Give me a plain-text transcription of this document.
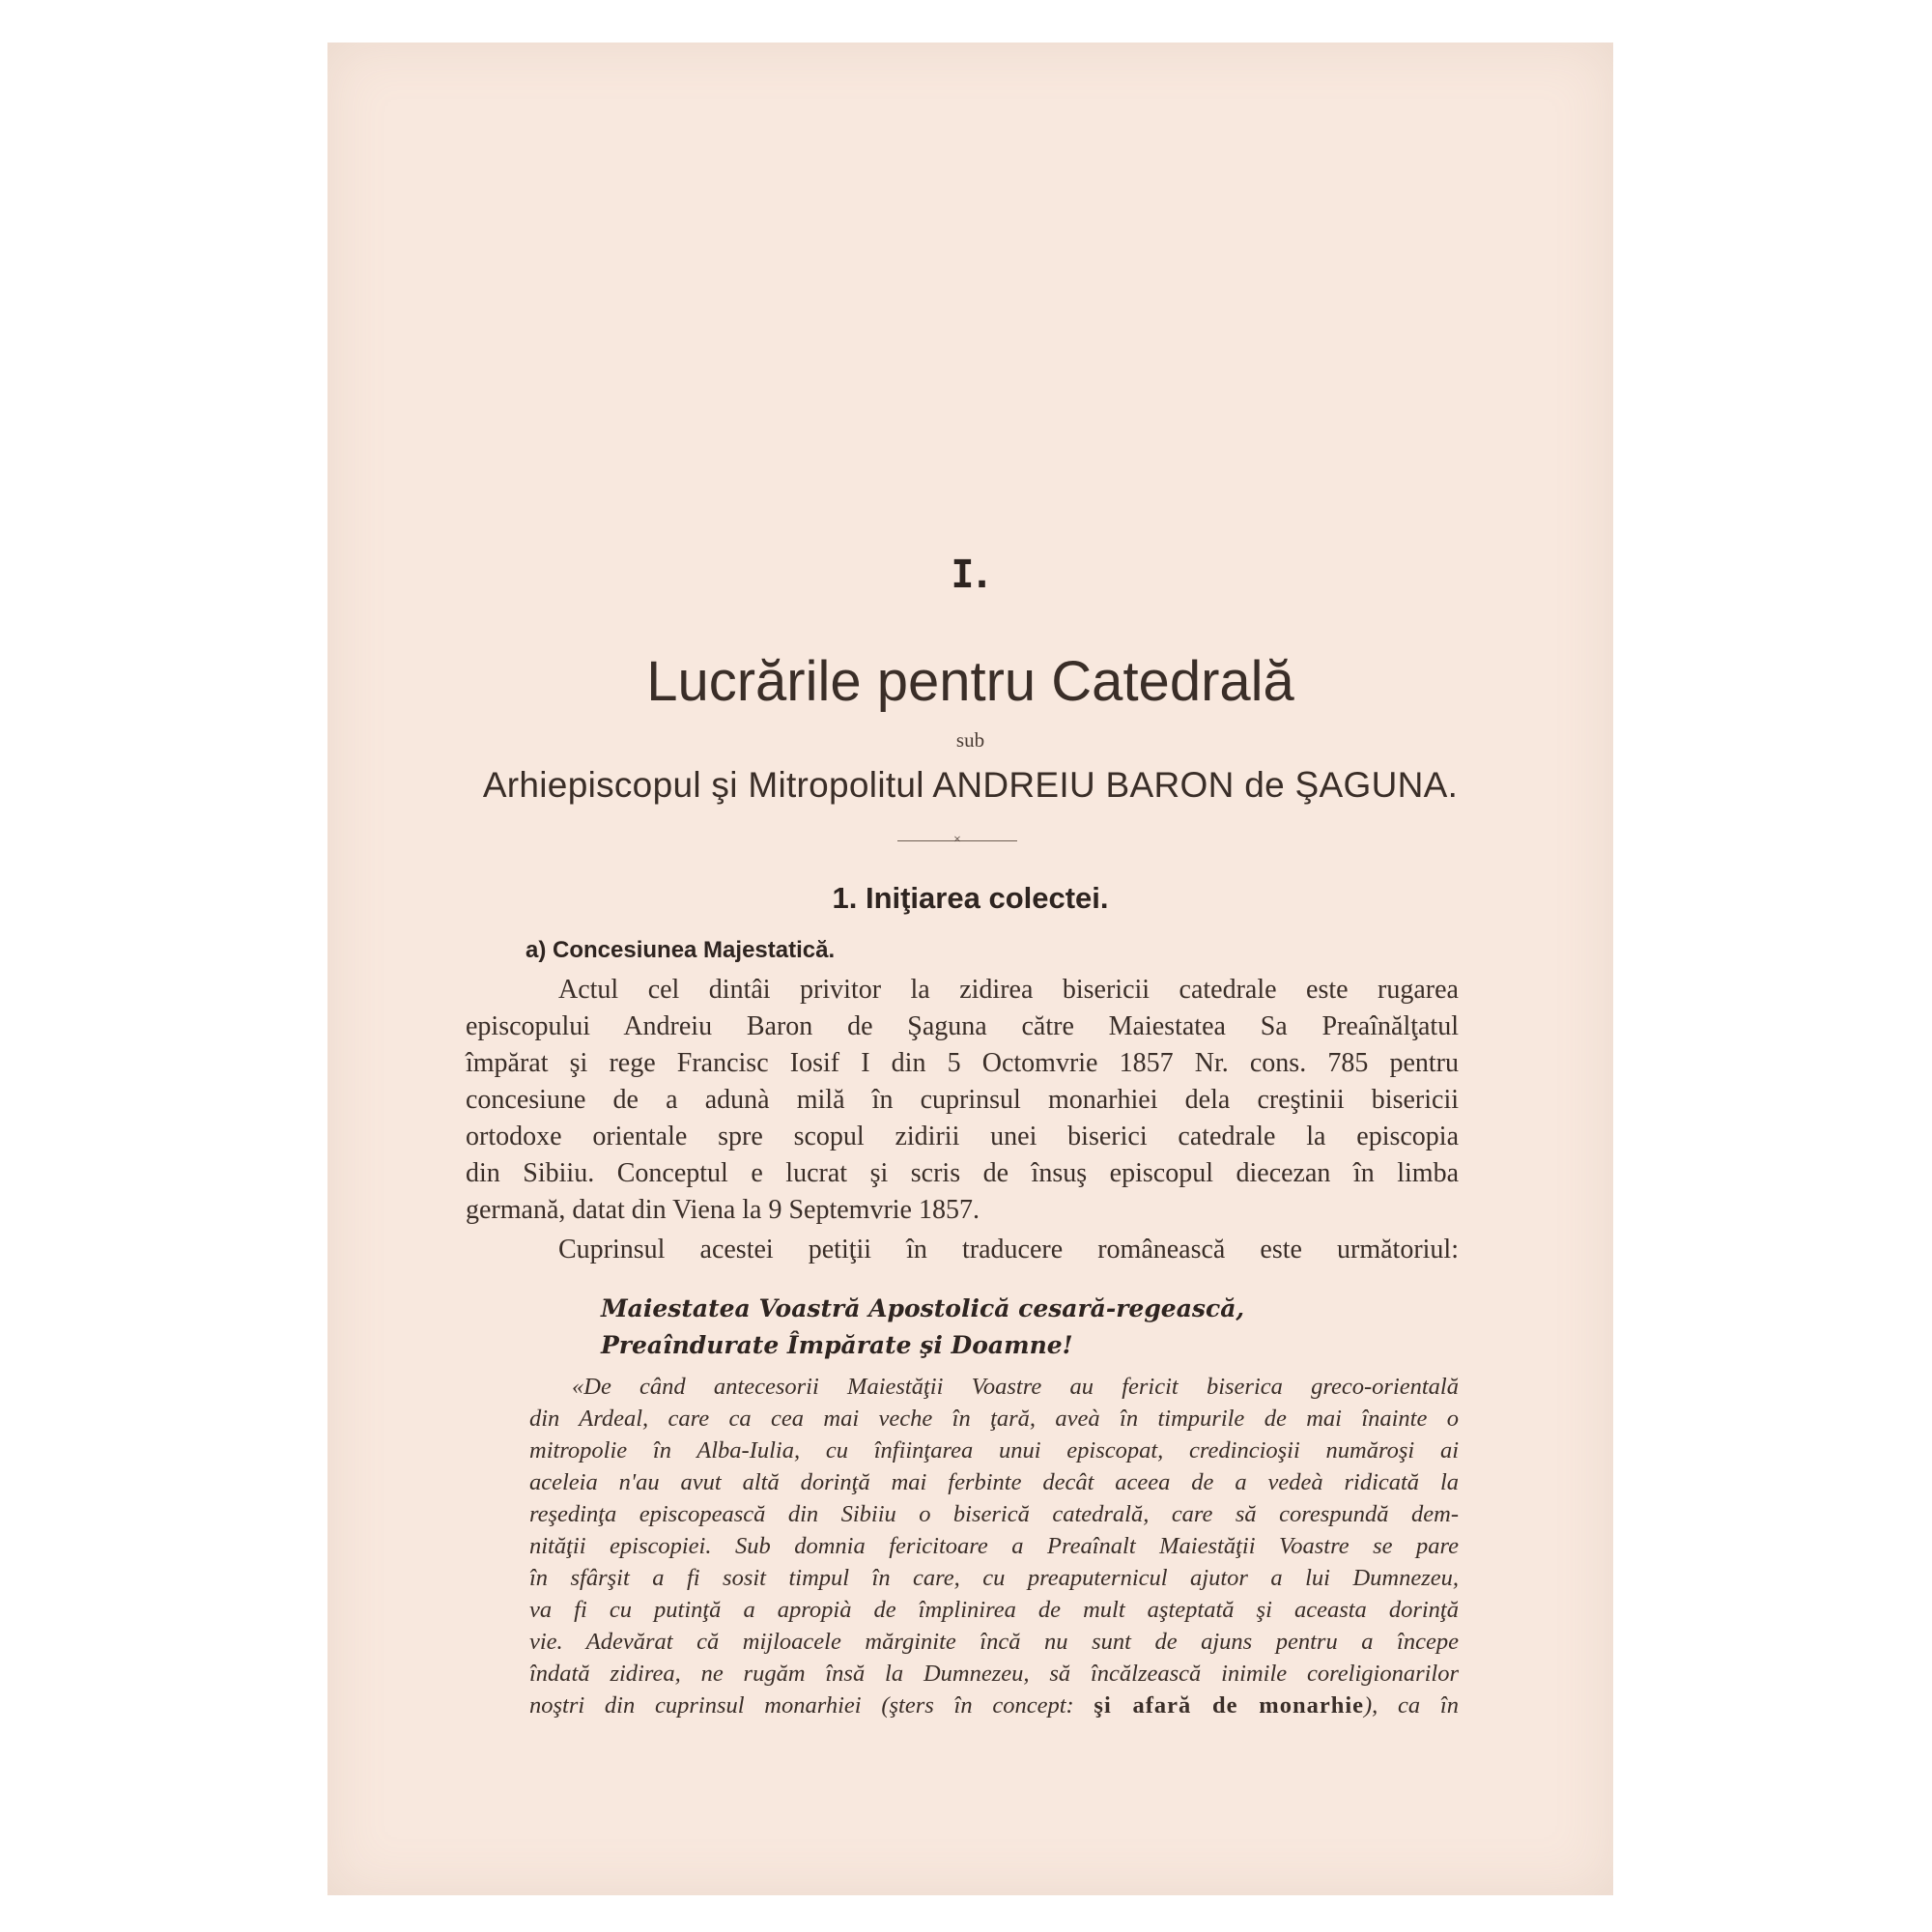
I.
Lucrările pentru Catedrală
sub
Arhiepiscopul şi Mitropolitul ANDREIU BARON de ŞAGUNA.
×
1. Iniţiarea colectei.
a) Concesiunea Majestatică.
Actul cel dintâi privitor la zidirea bisericii catedrale este rugarea
episcopului Andreiu Baron de Şaguna către Maiestatea Sa Preaînălţatul
împărat şi rege Francisc Iosif I din 5 Octomvrie 1857 Nr. cons. 785 pentru
concesiune de a adunà milă în cuprinsul monarhiei dela creştinii bisericii
ortodoxe orientale spre scopul zidirii unei biserici catedrale la episcopia
din Sibiiu. Conceptul e lucrat şi scris de însuş episcopul diecezan în limba
germană, datat din Viena la 9 Septemvrie 1857.
Cuprinsul acestei petiţii în traducere românească este următoriul:
Maiestatea Voastră Apostolică cesară-regească,
Preaîndurate Împărate şi Doamne!
«De când antecesorii Maiestăţii Voastre au fericit biserica greco-orientală
din Ardeal, care ca cea mai veche în ţară, aveà în timpurile de mai înainte o
mitropolie în Alba-Iulia, cu înfiinţarea unui episcopat, credincioşii număroşi ai
aceleia n'au avut altă dorinţă mai ferbinte decât aceea de a vedeà ridicată la
reşedinţa episcopească din Sibiiu o biserică catedrală, care să corespundă dem-
nităţii episcopiei. Sub domnia fericitoare a Preaînalt Maiestăţii Voastre se pare
în sfârşit a fi sosit timpul în care, cu preaputernicul ajutor a lui Dumnezeu,
va fi cu putinţă a apropià de împlinirea de mult aşteptată şi aceasta dorinţă
vie. Adevărat că mijloacele mărginite încă nu sunt de ajuns pentru a începe
îndată zidirea, ne rugăm însă la Dumnezeu, să încălzească inimile coreligionarilor
noştri din cuprinsul monarhiei (şters în concept: şi afară de monarhie), ca în
